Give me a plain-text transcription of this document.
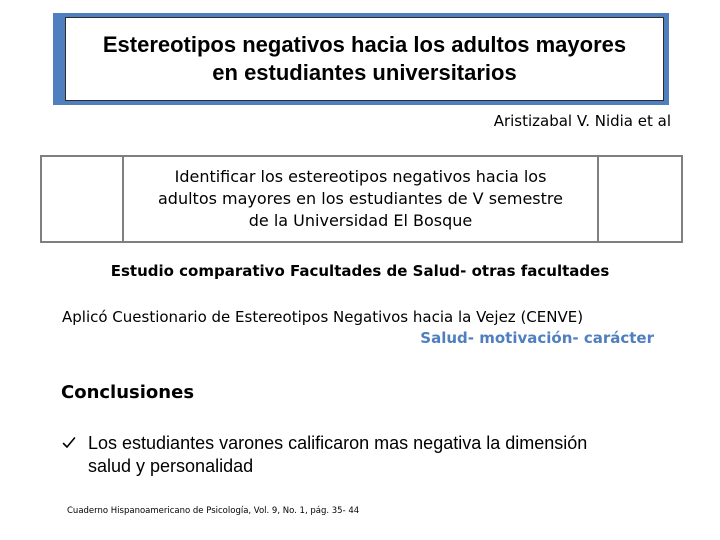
Estereotipos negativos hacia los adultos mayores
en estudiantes universitarios
Aristizabal V. Nidia et al
Identificar los estereotipos negativos hacia los
adultos mayores en los estudiantes de V semestre
de la Universidad El Bosque
Estudio comparativo Facultades de Salud- otras facultades
Aplicó Cuestionario de Estereotipos Negativos hacia la Vejez (CENVE)
Salud- motivación- carácter
Conclusiones
Los estudiantes varones calificaron mas negativa la dimensión
salud y personalidad
Cuaderno Hispanoamericano de Psicología, Vol. 9, No. 1, pág. 35- 44
